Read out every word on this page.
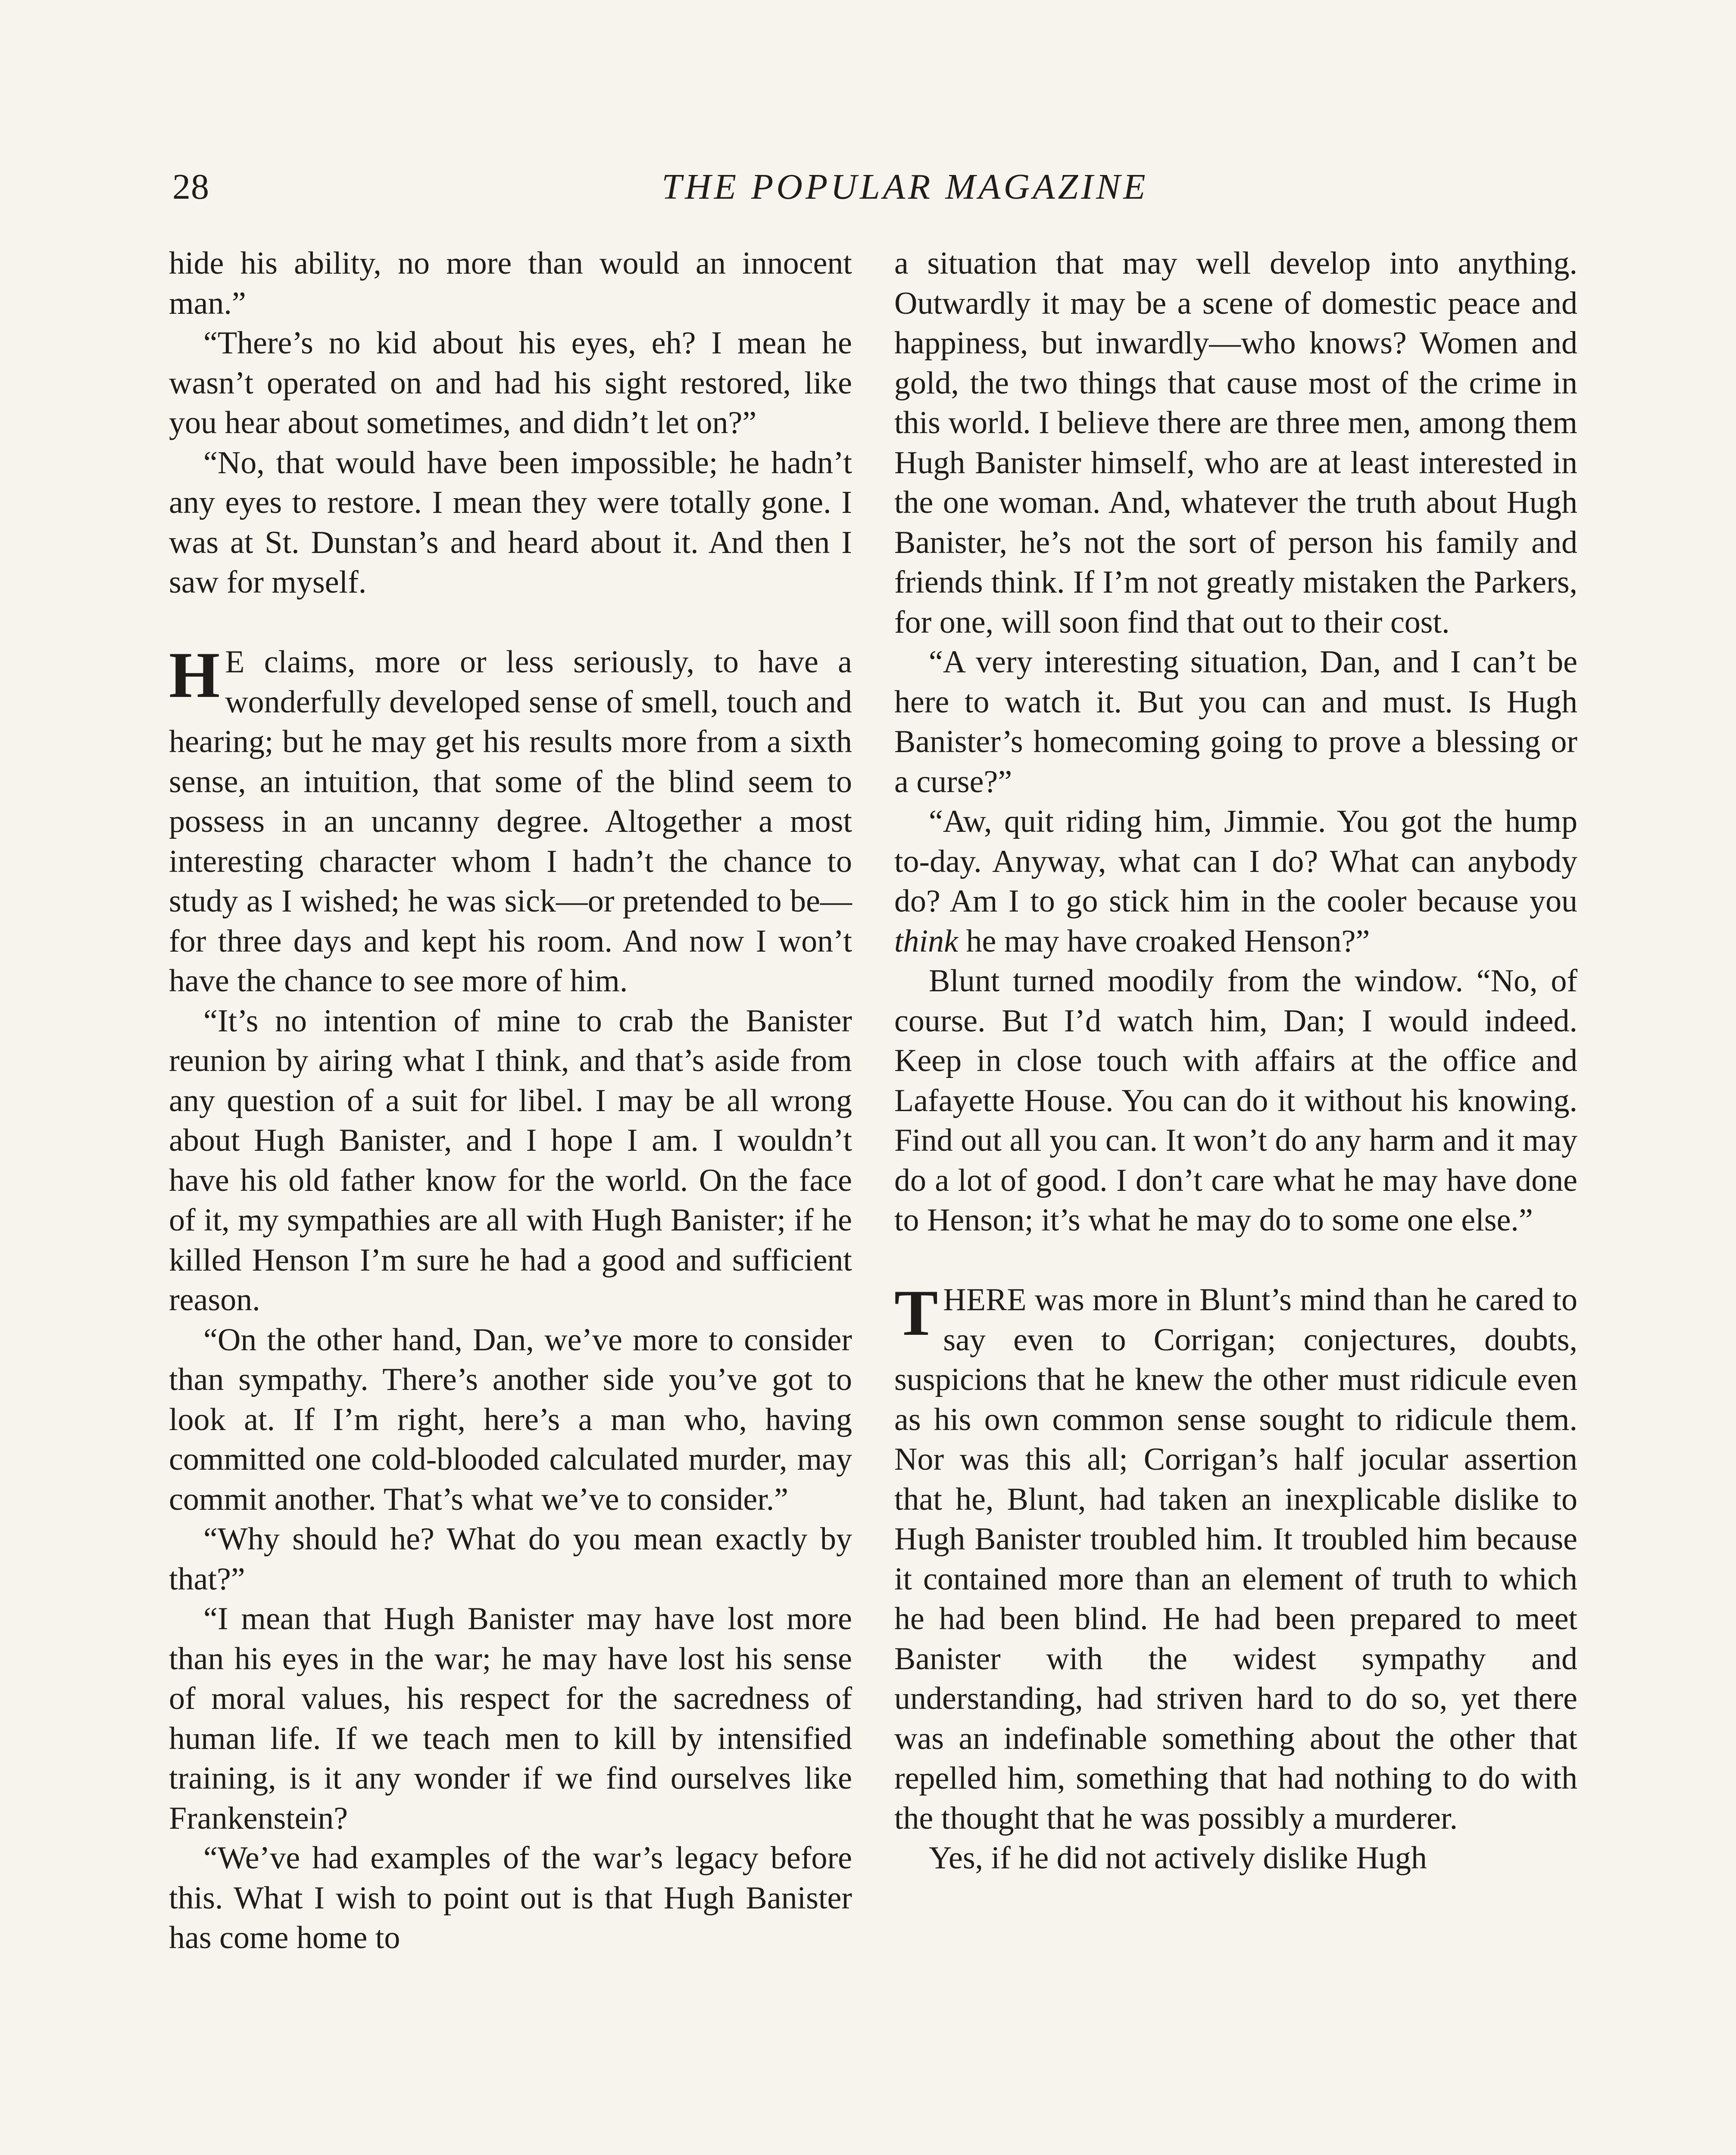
28	THE POPULAR MAGAZINE

hide his ability, no more than would an innocent man.”

“There’s no kid about his eyes, eh? I mean he wasn’t operated on and had his sight restored, like you hear about sometimes, and didn’t let on?”

“No, that would have been impossible; he hadn’t any eyes to restore. I mean they were totally gone. I was at St. Dunstan’s and heard about it. And then I saw for myself.

H E claims, more or less seriously, to have a wonderfully developed sense of smell, touch and hearing; but he may get his results more from a sixth sense, an intuition, that some of the blind seem to possess in an uncanny degree. Altogether a most interesting character whom I hadn’t the chance to study as I wished; he was sick—or pretended to be—for three days and kept his room. And now I won’t have the chance to see more of him.

“It’s no intention of mine to crab the Banister reunion by airing what I think, and that’s aside from any question of a suit for libel. I may be all wrong about Hugh Banister, and I hope I am. I wouldn’t have his old father know for the world. On the face of it, my sympathies are all with Hugh Banister; if he killed Henson I’m sure he had a good and sufficient reason.

“On the other hand, Dan, we’ve more to consider than sympathy. There’s another side you’ve got to look at. If I’m right, here’s a man who, having committed one cold-blooded calculated murder, may commit another. That’s what we’ve to consider.”

“Why should he? What do you mean exactly by that?”

“I mean that Hugh Banister may have lost more than his eyes in the war; he may have lost his sense of moral values, his respect for the sacredness of human life. If we teach men to kill by intensified training, is it any wonder if we find ourselves like Frankenstein?

“We’ve had examples of the war’s legacy before this. What I wish to point out is that Hugh Banister has come home to

a situation that may well develop into anything. Outwardly it may be a scene of domestic peace and happiness, but inwardly—who knows? Women and gold, the two things that cause most of the crime in this world. I believe there are three men, among them Hugh Banister himself, who are at least interested in the one woman. And, whatever the truth about Hugh Banister, he’s not the sort of person his family and friends think. If I’m not greatly mistaken the Parkers, for one, will soon find that out to their cost.

“A very interesting situation, Dan, and I can’t be here to watch it. But you can and must. Is Hugh Banister’s homecoming going to prove a blessing or a curse?”

“Aw, quit riding him, Jimmie. You got the hump to-day. Anyway, what can I do? What can anybody do? Am I to go stick him in the cooler because you think he may have croaked Henson?”

Blunt turned moodily from the window. “No, of course. But I’d watch him, Dan; I would indeed. Keep in close touch with affairs at the office and Lafayette House. You can do it without his knowing. Find out all you can. It won’t do any harm and it may do a lot of good. I don’t care what he may have done to Henson; it’s what he may do to some one else.”

THERE was more in Blunt’s mind than he cared to say even to Corrigan; conjectures, doubts, suspicions that he knew the other must ridicule even as his own common sense sought to ridicule them. Nor was this all; Corrigan’s half jocular assertion that he, Blunt, had taken an inexplicable dislike to Hugh Banister troubled him. It troubled him because it contained more than an element of truth to which he had been blind. He had been prepared to meet Banister with the widest sympathy and understanding, had striven hard to do so, yet there was an indefinable something about the other that repelled him, something that had nothing to do with the thought that he was possibly a murderer.

Yes, if he did not actively dislike Hugh
